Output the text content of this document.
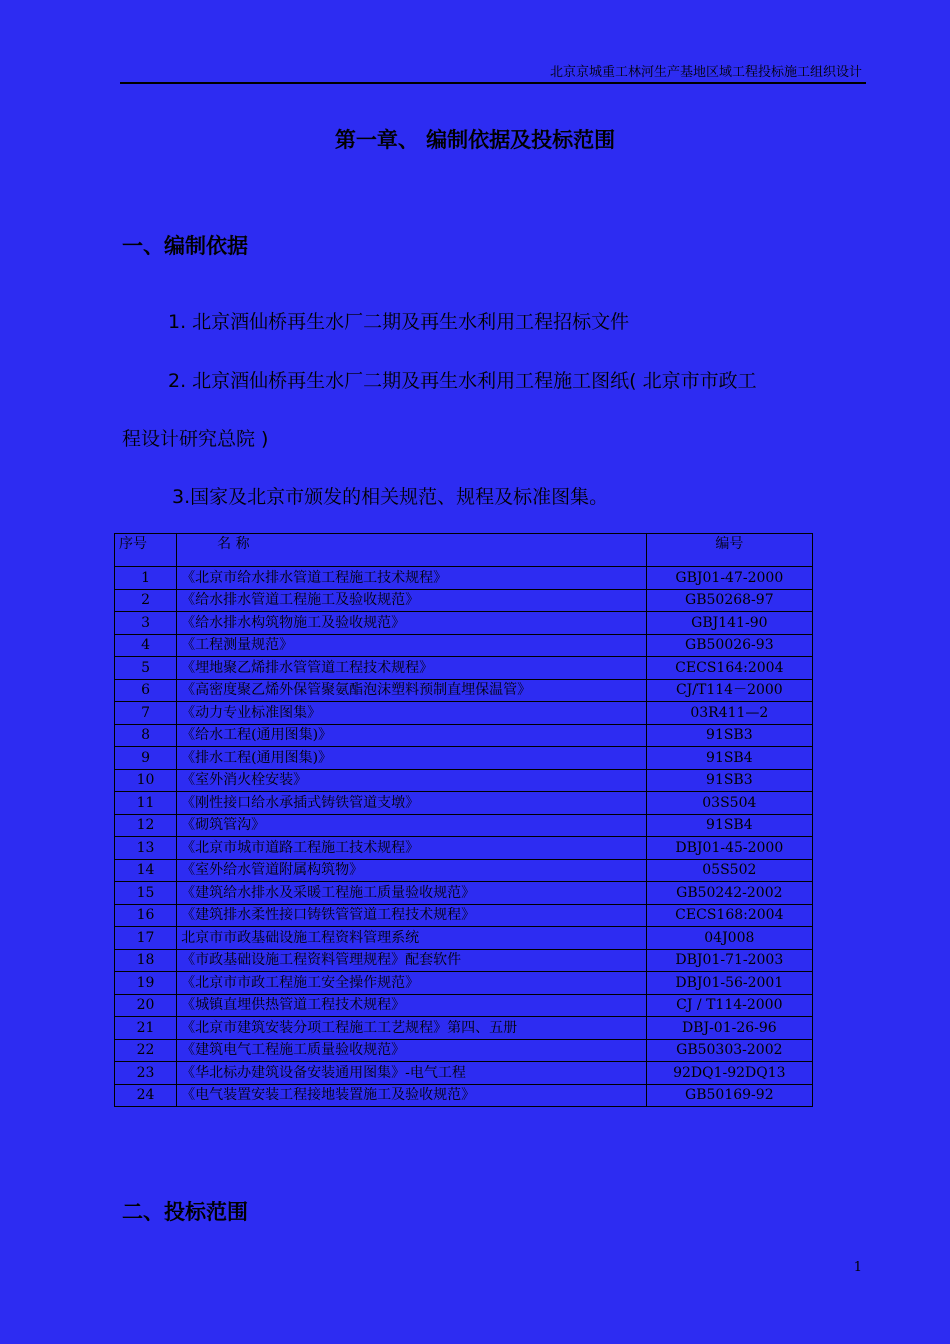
北京京城重工林河生产基地区域工程投标施工组织设计
第一章、 编制依据及投标范围
一、编制依据
1. 北京酒仙桥再生水厂二期及再生水利用工程招标文件
2. 北京酒仙桥再生水厂二期及再生水利用工程施工图纸( 北京市市政工
程设计研究总院 )
3.国家及北京市颁发的相关规范、规程及标准图集。
序号	名 称	编号
1	《北京市给水排水管道工程施工技术规程》	GBJ01-47-2000
2	《给水排水管道工程施工及验收规范》	GB50268-97
3	《给水排水构筑物施工及验收规范》	GBJ141-90
4	《工程测量规范》	GB50026-93
5	《埋地聚乙烯排水管管道工程技术规程》	CECS164:2004
6	《高密度聚乙烯外保管聚氨酯泡沫塑料预制直埋保温管》	CJ/T114－2000
7	《动力专业标准图集》	03R411—2
8	《给水工程(通用图集)》	91SB3
9	《排水工程(通用图集)》	91SB4
10	《室外消火栓安装》	91SB3
11	《刚性接口给水承插式铸铁管道支墩》	03S504
12	《砌筑管沟》	91SB4
13	《北京市城市道路工程施工技术规程》	DBJ01-45-2000
14	《室外给水管道附属构筑物》	05S502
15	《建筑给水排水及采暖工程施工质量验收规范》	GB50242-2002
16	《建筑排水柔性接口铸铁管管道工程技术规程》	CECS168:2004
17	北京市市政基础设施工程资料管理系统	04J008
18	《市政基础设施工程资料管理规程》配套软件	DBJ01-71-2003
19	《北京市市政工程施工安全操作规范》	DBJ01-56-2001
20	《城镇直埋供热管道工程技术规程》	CJ / T114-2000
21	《北京市建筑安装分项工程施工工艺规程》第四、五册	DBJ-01-26-96
22	《建筑电气工程施工质量验收规范》	GB50303-2002
23	《华北标办建筑设备安装通用图集》-电气工程	92DQ1-92DQ13
24	《电气装置安装工程接地装置施工及验收规范》	GB50169-92
二、投标范围
1
